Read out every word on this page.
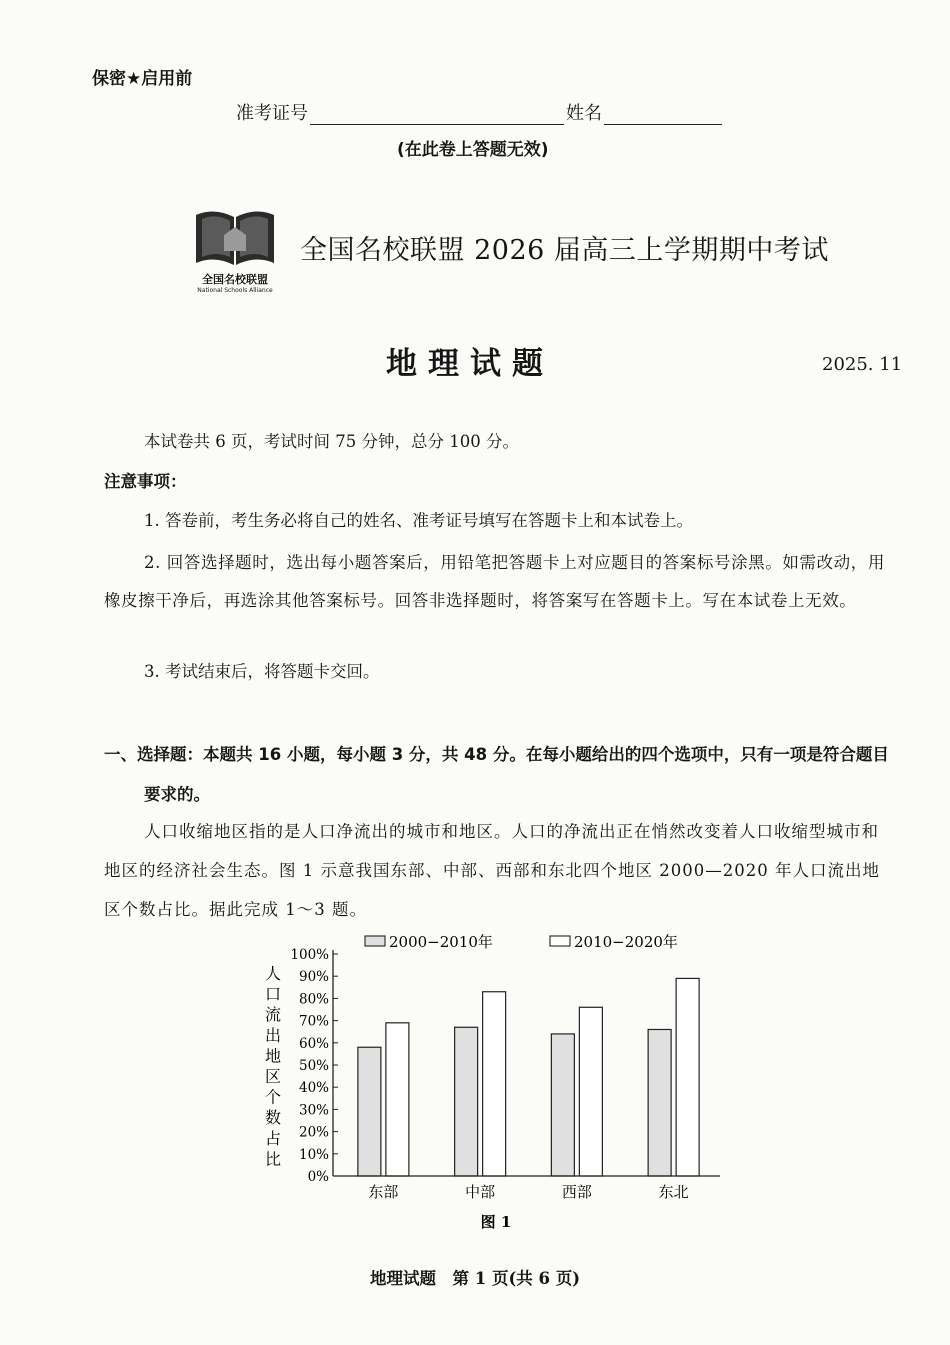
保密★启用前
准考证号	姓名
(在此卷上答题无效)
全国名校联盟
National Schools Alliance
全国名校联盟 2026 届高三上学期期中考试
地理试题	2025. 11
本试卷共 6 页，考试时间 75 分钟，总分 100 分。
注意事项：
1. 答卷前，考生务必将自己的姓名、准考证号填写在答题卡上和本试卷上。
2. 回答选择题时，选出每小题答案后，用铅笔把答题卡上对应题目的答案标号涂黑。如需改动，用橡皮擦干净后，再选涂其他答案标号。回答非选择题时，将答案写在答题卡上。写在本试卷上无效。
3. 考试结束后，将答题卡交回。
一、选择题：本题共 16 小题，每小题 3 分，共 48 分。在每小题给出的四个选项中，只有一项是符合题目要求的。
人口收缩地区指的是人口净流出的城市和地区。人口的净流出正在悄然改变着人口收缩型城市和地区的经济社会生态。图 1 示意我国东部、中部、西部和东北四个地区 2000—2020 年人口流出地区个数占比。据此完成 1～3 题。
2000−2010年	2010−2020年
人
口
流
出
地
区
个
数
占
比
0%
10%
20%
30%
40%
50%
60%
70%
80%
90%
100%
东部	中部	西部	东北
图 1
地理试题　第 1 页(共 6 页)
